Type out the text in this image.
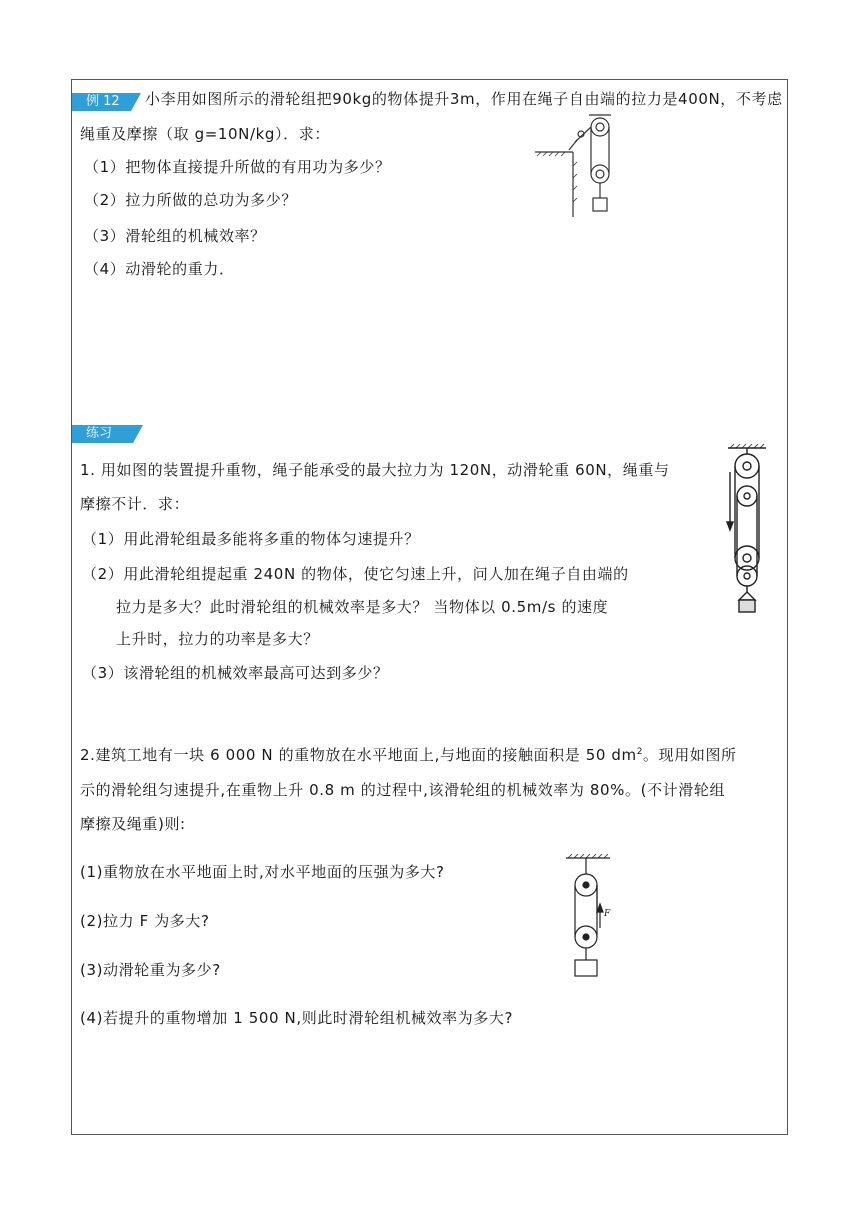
例 12	小李用如图所示的滑轮组把90kg的物体提升3m，作用在绳子自由端的拉力是400N，不考虑
绳重及摩擦（取 g=10N/kg）．求：
（1）把物体直接提升所做的有用功为多少？
（2）拉力所做的总功为多少？
（3）滑轮组的机械效率？
（4）动滑轮的重力．
练习
1. 用如图的装置提升重物，绳子能承受的最大拉力为 120N，动滑轮重 60N，绳重与
摩擦不计．求：
（1）用此滑轮组最多能将多重的物体匀速提升？
（2）用此滑轮组提起重 240N 的物体，使它匀速上升，问人加在绳子自由端的
拉力是多大？此时滑轮组的机械效率是多大？ 当物体以 0.5m/s 的速度
上升时，拉力的功率是多大？
（3）该滑轮组的机械效率最高可达到多少？
2.建筑工地有一块 6 000 N 的重物放在水平地面上,与地面的接触面积是 50 $dm^2$。现用如图所
示的滑轮组匀速提升,在重物上升 0.8 m 的过程中,该滑轮组的机械效率为 80%。(不计滑轮组
摩擦及绳重)则:
(1)重物放在水平地面上时,对水平地面的压强为多大?
(2)拉力 F 为多大?
(3)动滑轮重为多少?
(4)若提升的重物增加 1 500 N,则此时滑轮组机械效率为多大?
F
